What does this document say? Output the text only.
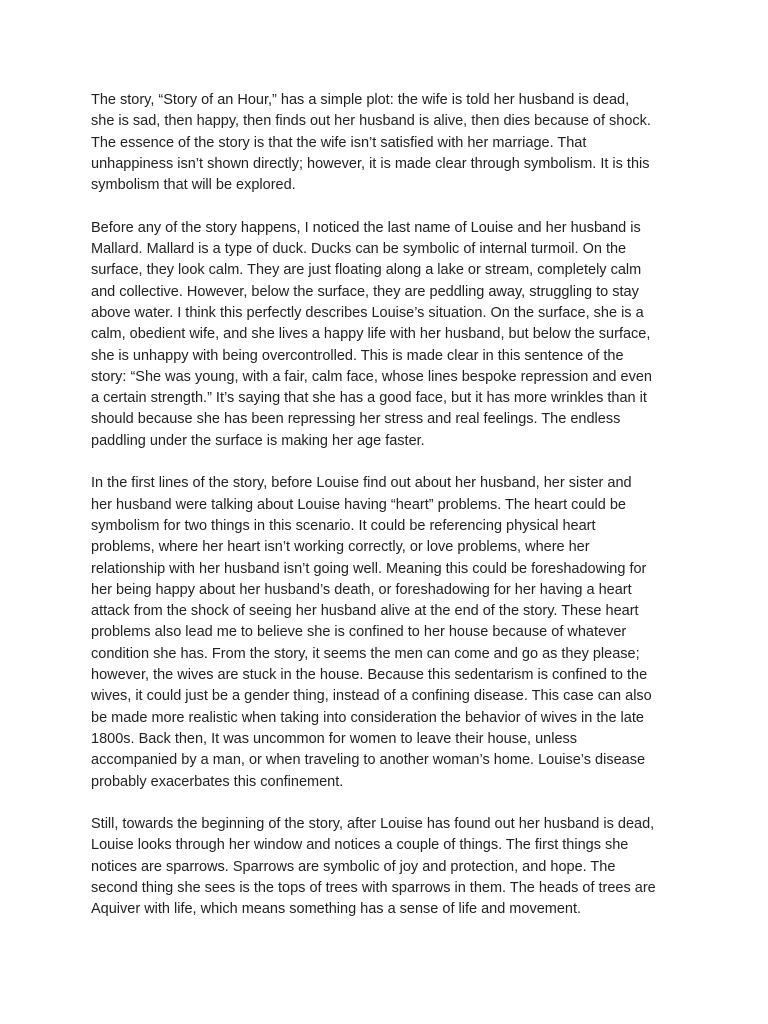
The story, “Story of an Hour,” has a simple plot: the wife is told her husband is dead,
she is sad, then happy, then finds out her husband is alive, then dies because of shock.
The essence of the story is that the wife isn’t satisfied with her marriage. That
unhappiness isn’t shown directly; however, it is made clear through symbolism. It is this
symbolism that will be explored.
Before any of the story happens, I noticed the last name of Louise and her husband is
Mallard. Mallard is a type of duck. Ducks can be symbolic of internal turmoil. On the
surface, they look calm. They are just floating along a lake or stream, completely calm
and collective. However, below the surface, they are peddling away, struggling to stay
above water. I think this perfectly describes Louise’s situation. On the surface, she is a
calm, obedient wife, and she lives a happy life with her husband, but below the surface,
she is unhappy with being overcontrolled. This is made clear in this sentence of the
story: “She was young, with a fair, calm face, whose lines bespoke repression and even
a certain strength.” It’s saying that she has a good face, but it has more wrinkles than it
should because she has been repressing her stress and real feelings. The endless
paddling under the surface is making her age faster.
In the first lines of the story, before Louise find out about her husband, her sister and
her husband were talking about Louise having “heart” problems. The heart could be
symbolism for two things in this scenario. It could be referencing physical heart
problems, where her heart isn’t working correctly, or love problems, where her
relationship with her husband isn’t going well. Meaning this could be foreshadowing for
her being happy about her husband’s death, or foreshadowing for her having a heart
attack from the shock of seeing her husband alive at the end of the story. These heart
problems also lead me to believe she is confined to her house because of whatever
condition she has. From the story, it seems the men can come and go as they please;
however, the wives are stuck in the house. Because this sedentarism is confined to the
wives, it could just be a gender thing, instead of a confining disease. This case can also
be made more realistic when taking into consideration the behavior of wives in the late
1800s. Back then, It was uncommon for women to leave their house, unless
accompanied by a man, or when traveling to another woman’s home. Louise’s disease
probably exacerbates this confinement.
Still, towards the beginning of the story, after Louise has found out her husband is dead,
Louise looks through her window and notices a couple of things. The first things she
notices are sparrows. Sparrows are symbolic of joy and protection, and hope. The
second thing she sees is the tops of trees with sparrows in them. The heads of trees are
Aquiver with life, which means something has a sense of life and movement.
